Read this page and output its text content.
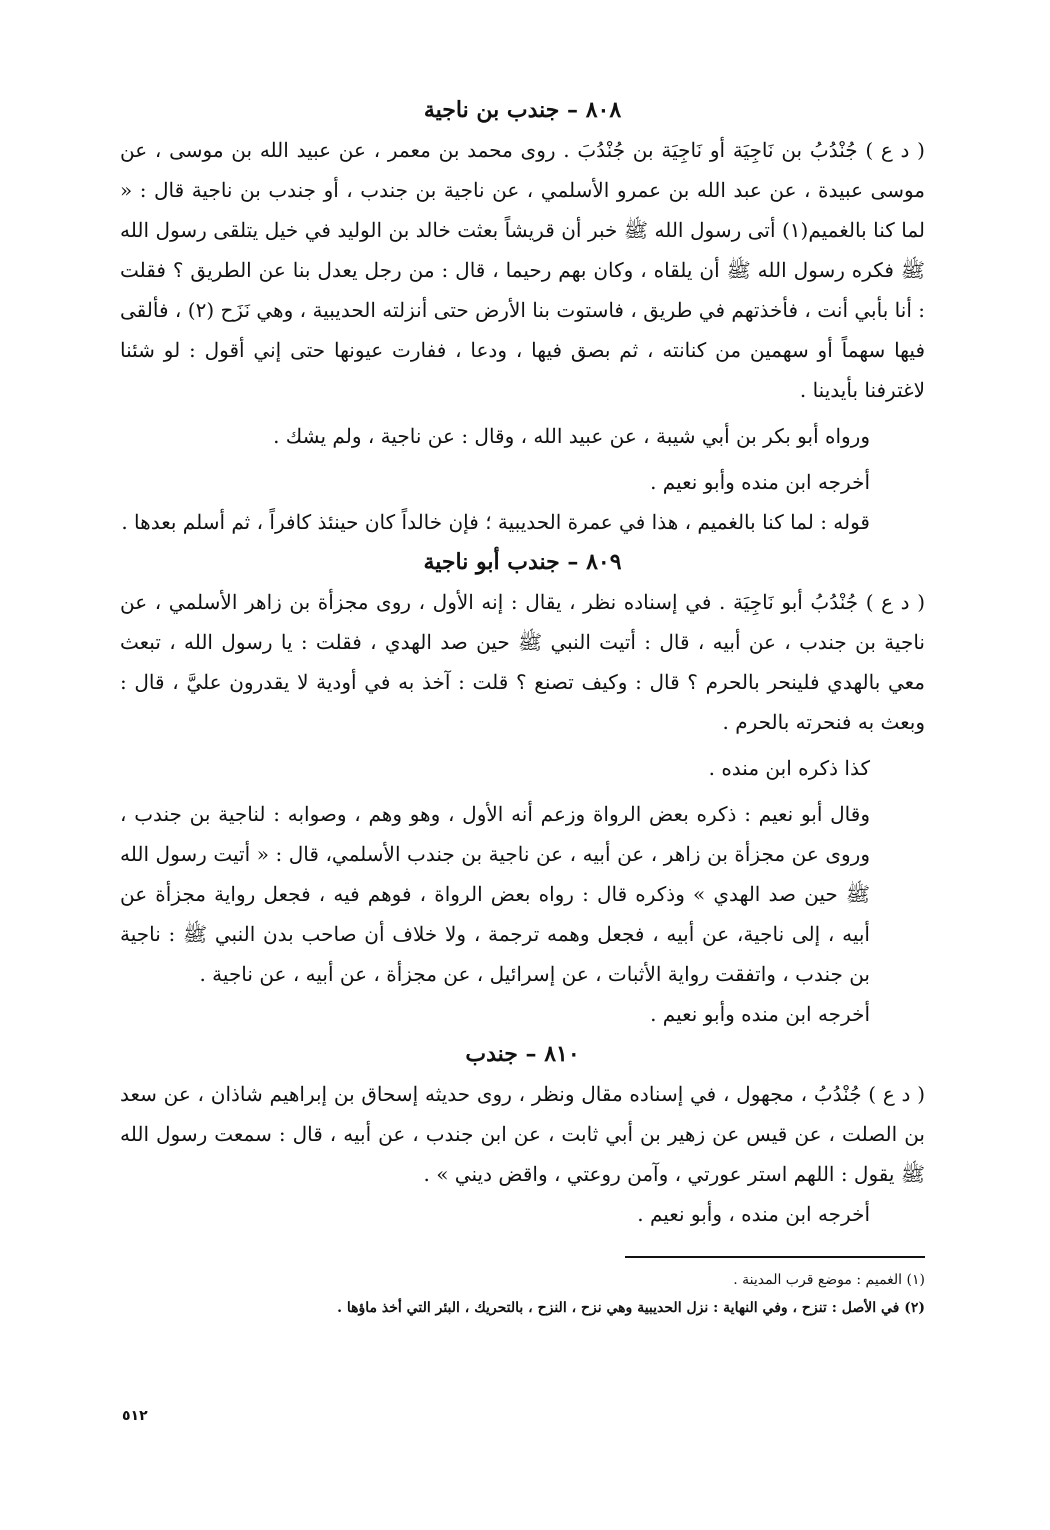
٨٠٨ – جندب بن ناجية

( د ع ) جُنْدُبُ بن نَاجِيَة أو نَاجِيَة بن جُنْدُبَ . روى محمد بن معمر ، عن عبيد الله بن موسى ، عن موسى عبيدة ، عن عبد الله بن عمرو الأسلمي ، عن ناجية بن جندب ، أو جندب بن ناجية قال : « لما كنا بالغميم(١) أتى رسول الله ﷺ خبر أن قريشاً بعثت خالد بن الوليد في خيل يتلقى رسول الله ﷺ فكره رسول الله ﷺ أن يلقاه ، وكان بهم رحيما ، قال : من رجل يعدل بنا عن الطريق ؟ فقلت : أنا بأبي أنت ، فأخذتهم في طريق ، فاستوت بنا الأرض حتى أنزلته الحديبية ، وهي نَزَح (٢) ، فألقى فيها سهماً أو سهمين من كنانته ، ثم بصق فيها ، ودعا ، ففارت عيونها حتى إني أقول : لو شئنا لاغترفنا بأيدينا .

ورواه أبو بكر بن أبي شيبة ، عن عبيد الله ، وقال : عن ناجية ، ولم يشك .

أخرجه ابن منده وأبو نعيم .

قوله : لما كنا بالغميم ، هذا في عمرة الحديبية ؛ فإن خالداً كان حينئذ كافراً ، ثم أسلم بعدها .

٨٠٩ – جندب أبو ناجية

( د ع ) جُنْدُبُ أبو نَاجِيَة . في إسناده نظر ، يقال : إنه الأول ، روى مجزأة بن زاهر الأسلمي ، عن ناجية بن جندب ، عن أبيه ، قال : أتيت النبي ﷺ حين صد الهدي ، فقلت : يا رسول الله ، تبعث معي بالهدي فلينحر بالحرم ؟ قال : وكيف تصنع ؟ قلت : آخذ به في أودية لا يقدرون عليَّ ، قال : وبعث به فنحرته بالحرم .

كذا ذكره ابن منده .

وقال أبو نعيم : ذكره بعض الرواة وزعم أنه الأول ، وهو وهم ، وصوابه : لناجية بن جندب ، وروى عن مجزأة بن زاهر ، عن أبيه ، عن ناجية بن جندب الأسلمي، قال : « أتيت رسول الله ﷺ حين صد الهدي » وذكره قال : رواه بعض الرواة ، فوهم فيه ، فجعل رواية مجزأة عن أبيه ، إلى ناجية، عن أبيه ، فجعل وهمه ترجمة ، ولا خلاف أن صاحب بدن النبي ﷺ : ناجية بن جندب ، واتفقت رواية الأثبات ، عن إسرائيل ، عن مجزأة ، عن أبيه ، عن ناجية .

أخرجه ابن منده وأبو نعيم .

٨١٠ – جندب

( د ع ) جُنْدُبُ ، مجهول ، في إسناده مقال ونظر ، روى حديثه إسحاق بن إبراهيم شاذان ، عن سعد بن الصلت ، عن قيس عن زهير بن أبي ثابت ، عن ابن جندب ، عن أبيه ، قال : سمعت رسول الله ﷺ يقول : اللهم استر عورتي ، وآمن روعتي ، واقض ديني » .

أخرجه ابن منده ، وأبو نعيم .

(١) الغميم : موضع قرب المدينة .

(٢) في الأصل : تنزح ، وفي النهاية : نزل الحديبية وهي نزح ، النزح ، بالتحريك ، البئر التي أخذ ماؤها .

٥١٢
